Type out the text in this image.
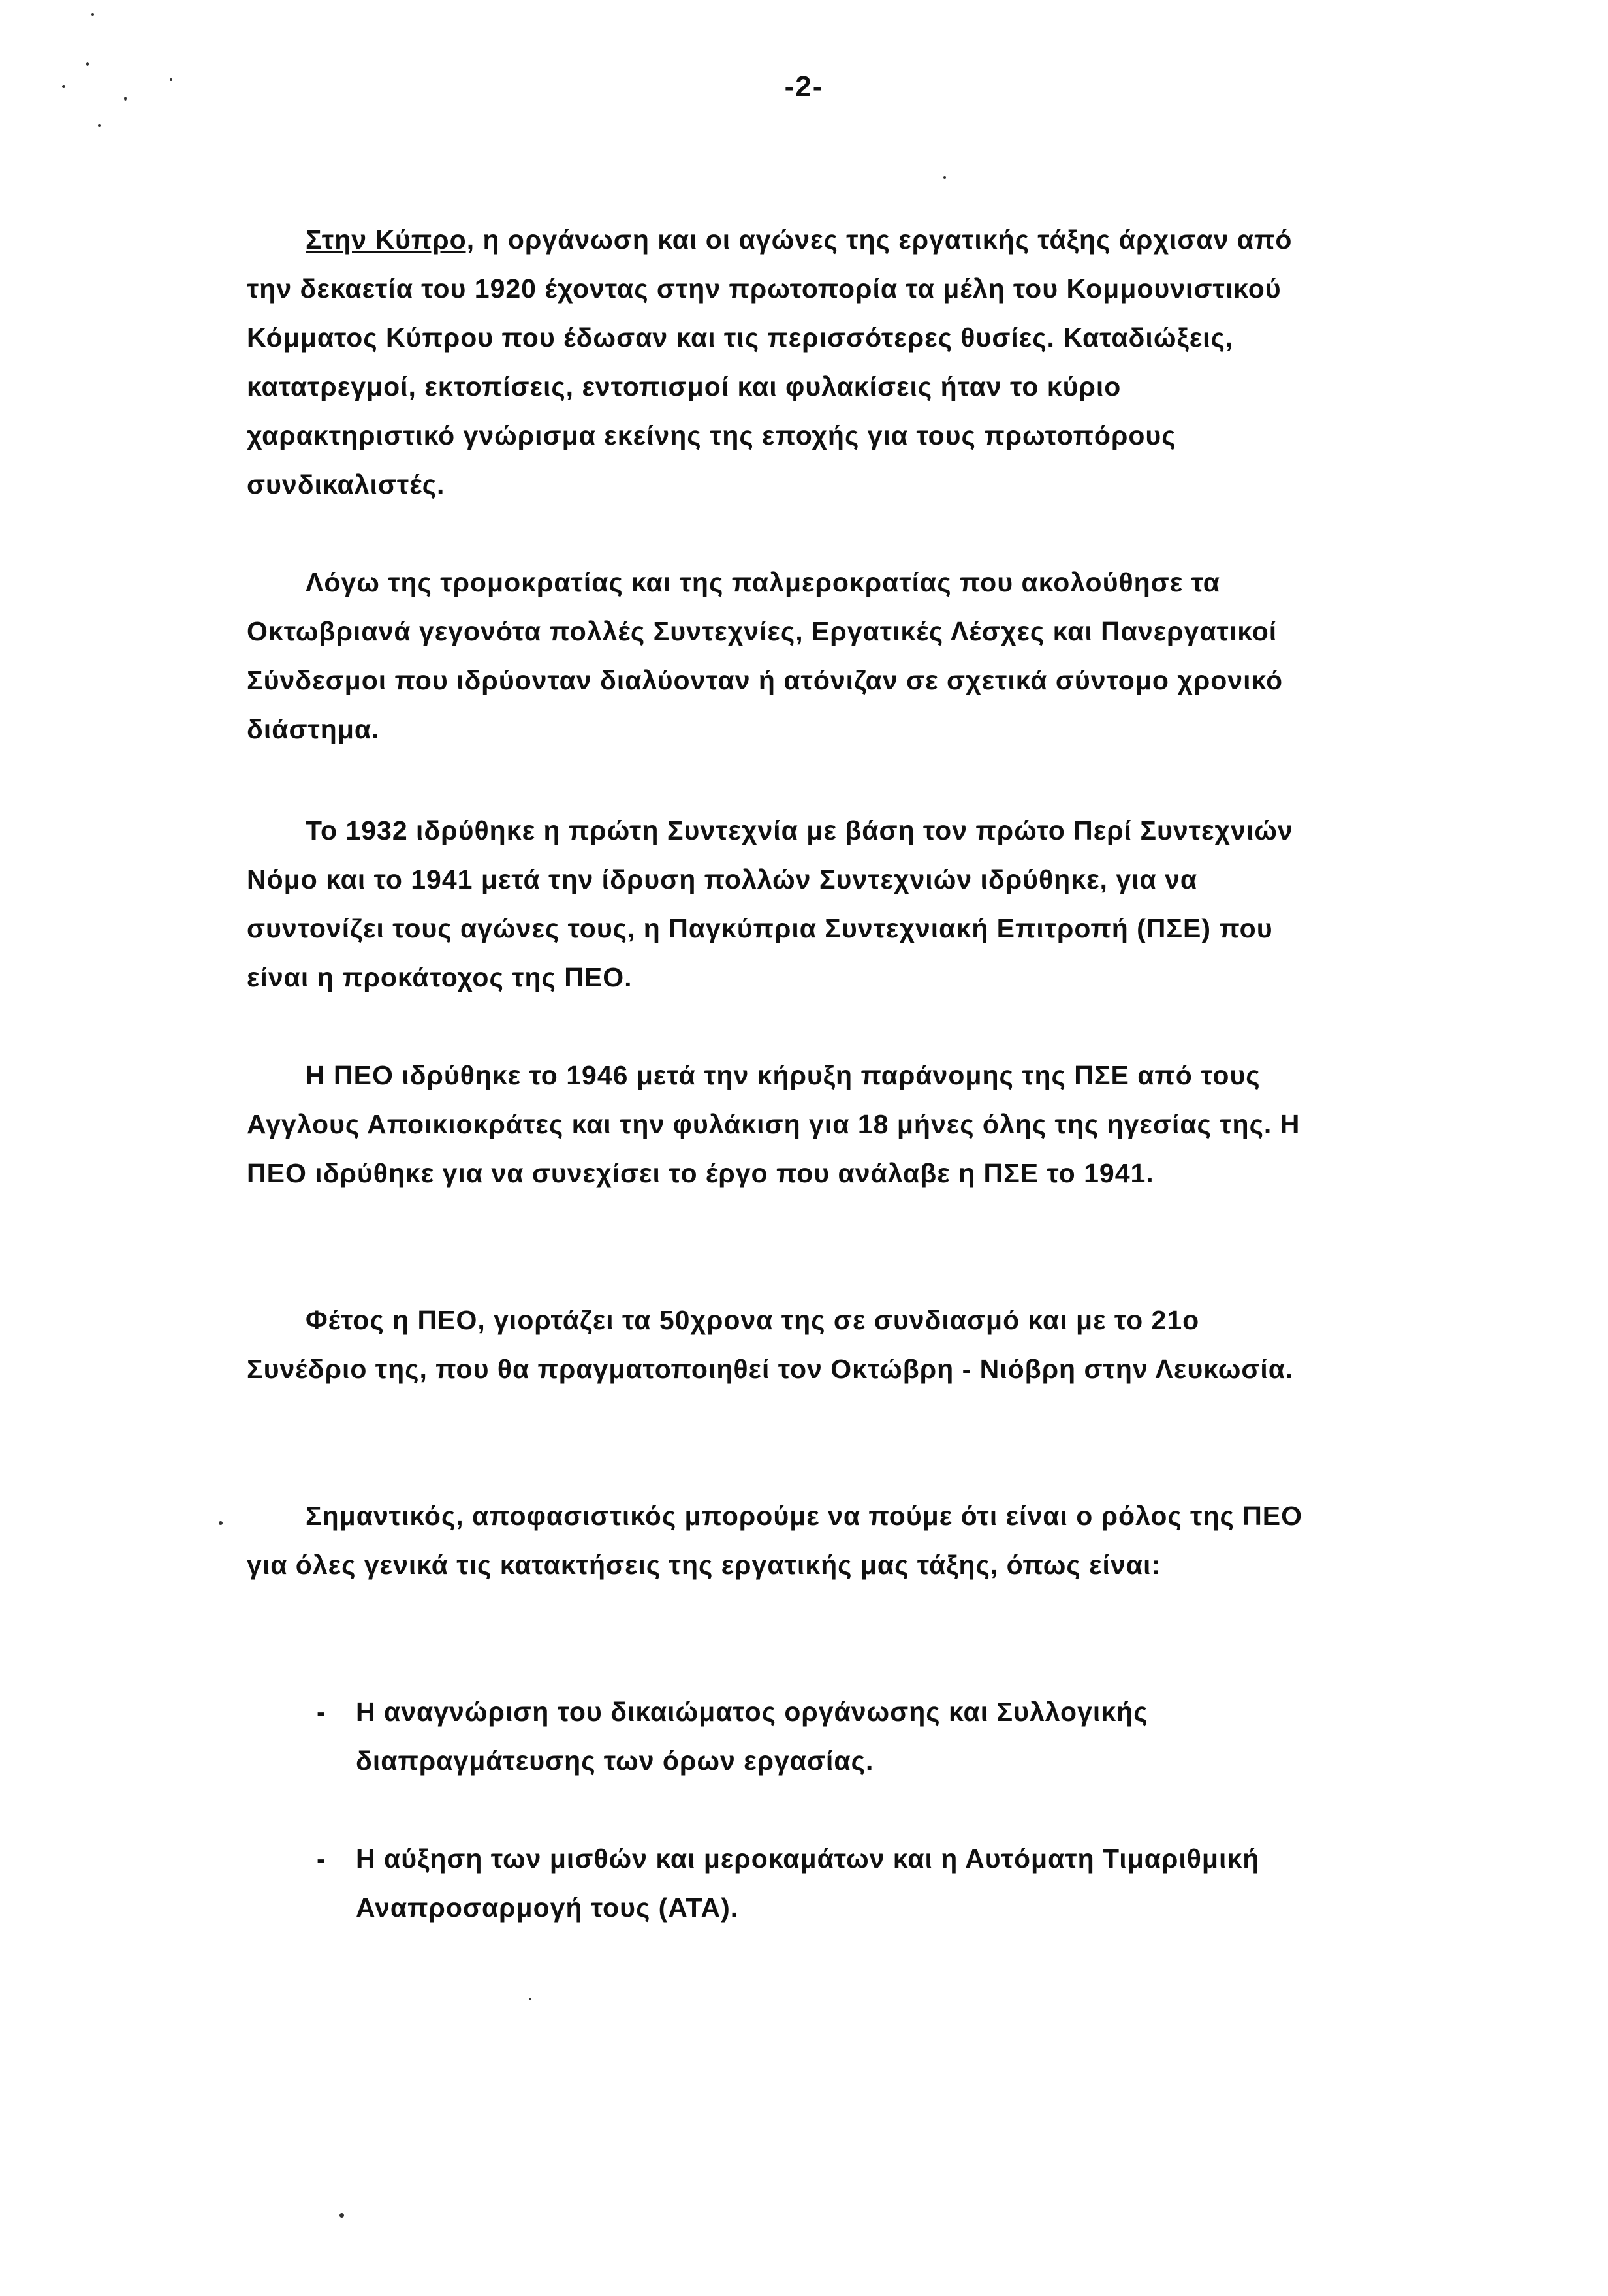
-2-

Στην Κύπρο, η οργάνωση και οι αγώνες της εργατικής τάξης άρχισαν από την δεκαετία του 1920 έχοντας στην πρωτοπορία τα μέλη του Κομμουνιστικού Κόμματος Κύπρου που έδωσαν και τις περισσότερες θυσίες. Καταδιώξεις, κατατρεγμοί, εκτοπίσεις, εντοπισμοί και φυλακίσεις ήταν το κύριο χαρακτηριστικό γνώρισμα εκείνης της εποχής για τους πρωτοπόρους συνδικαλιστές.

Λόγω της τρομοκρατίας και της παλμεροκρατίας που ακολούθησε τα Οκτωβριανά γεγονότα πολλές Συντεχνίες, Εργατικές Λέσχες και Πανεργατικοί Σύνδεσμοι που ιδρύονταν διαλύονταν ή ατόνιζαν σε σχετικά σύντομο χρονικό διάστημα.

Το 1932 ιδρύθηκε η πρώτη Συντεχνία με βάση τον πρώτο Περί Συντεχνιών Νόμο και το 1941 μετά την ίδρυση πολλών Συντεχνιών ιδρύθηκε, για να συντονίζει τους αγώνες τους, η Παγκύπρια Συντεχνιακή Επιτροπή (ΠΣΕ) που είναι η προκάτοχος της ΠΕΟ.

Η ΠΕΟ ιδρύθηκε το 1946 μετά την κήρυξη παράνομης της ΠΣΕ από τους Αγγλους Αποικιοκράτες και την φυλάκιση για 18 μήνες όλης της ηγεσίας της. Η ΠΕΟ ιδρύθηκε για να συνεχίσει το έργο που ανάλαβε η ΠΣΕ το 1941.

Φέτος η ΠΕΟ, γιορτάζει τα 50χρονα της σε συνδιασμό και με το 21ο Συνέδριο της, που θα πραγματοποιηθεί τον Οκτώβρη - Νιόβρη στην Λευκωσία.

Σημαντικός, αποφασιστικός μπορούμε να πούμε ότι είναι ο ρόλος της ΠΕΟ για όλες γενικά τις κατακτήσεις της εργατικής μας τάξης, όπως είναι:

-	Η αναγνώριση του δικαιώματος οργάνωσης και Συλλογικής διαπραγμάτευσης των όρων εργασίας.
-	Η αύξηση των μισθών και μεροκαμάτων και η Αυτόματη Τιμαριθμική Αναπροσαρμογή τους (ΑΤΑ).
